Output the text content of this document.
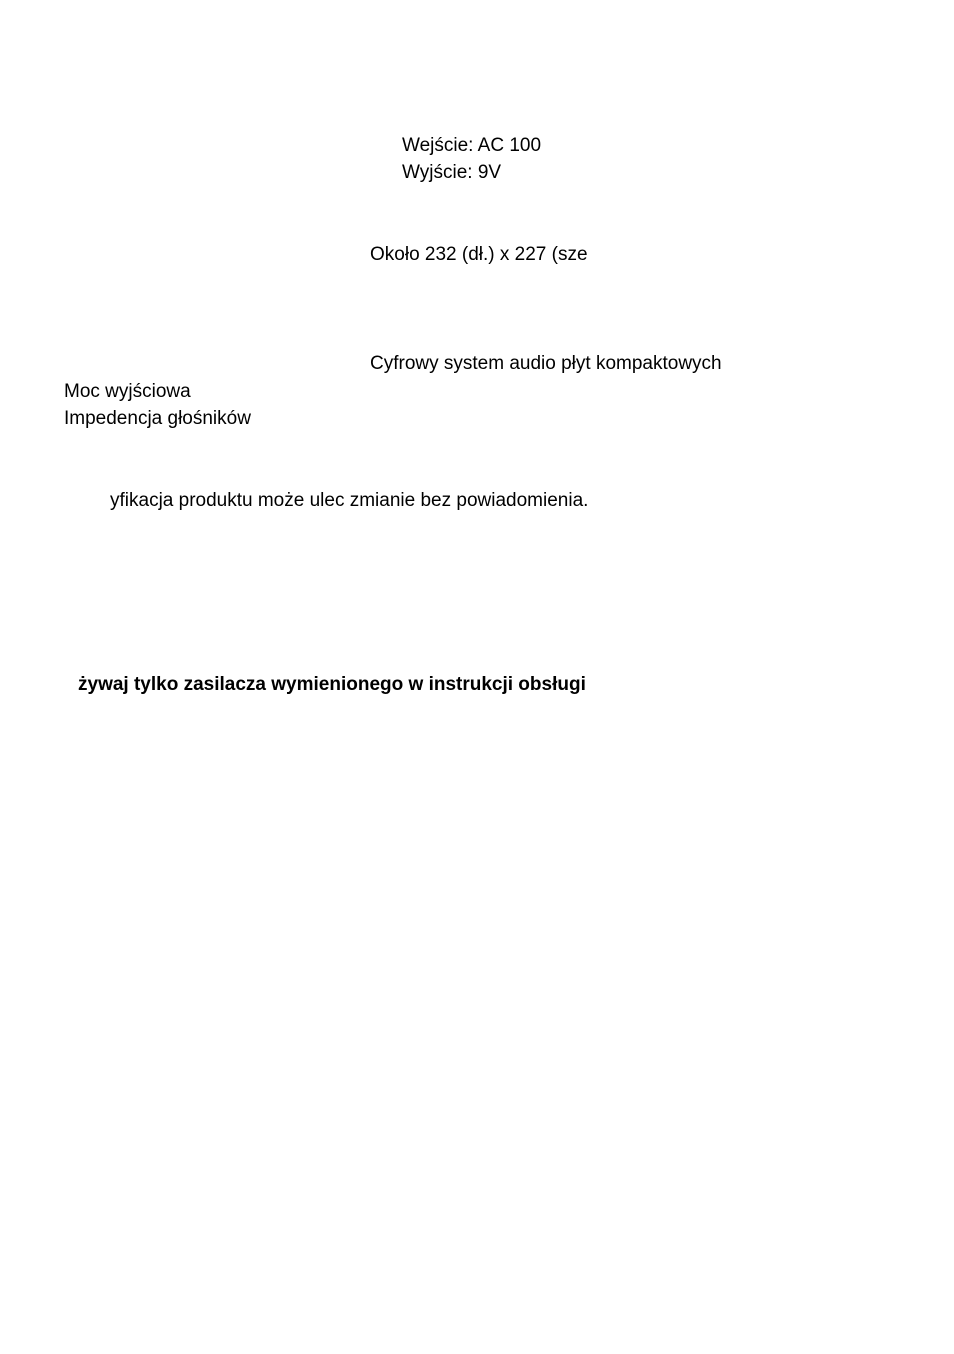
Wejście: AC 100

Wyjście: 9V

Około 232 (dł.) x 227 (sze

Cyfrowy system audio płyt kompaktowych

Moc wyjściowa

Impedencja głośników

yfikacja produktu może ulec zmianie bez powiadomienia.

żywaj tylko zasilacza wymienionego w instrukcji obsługi
